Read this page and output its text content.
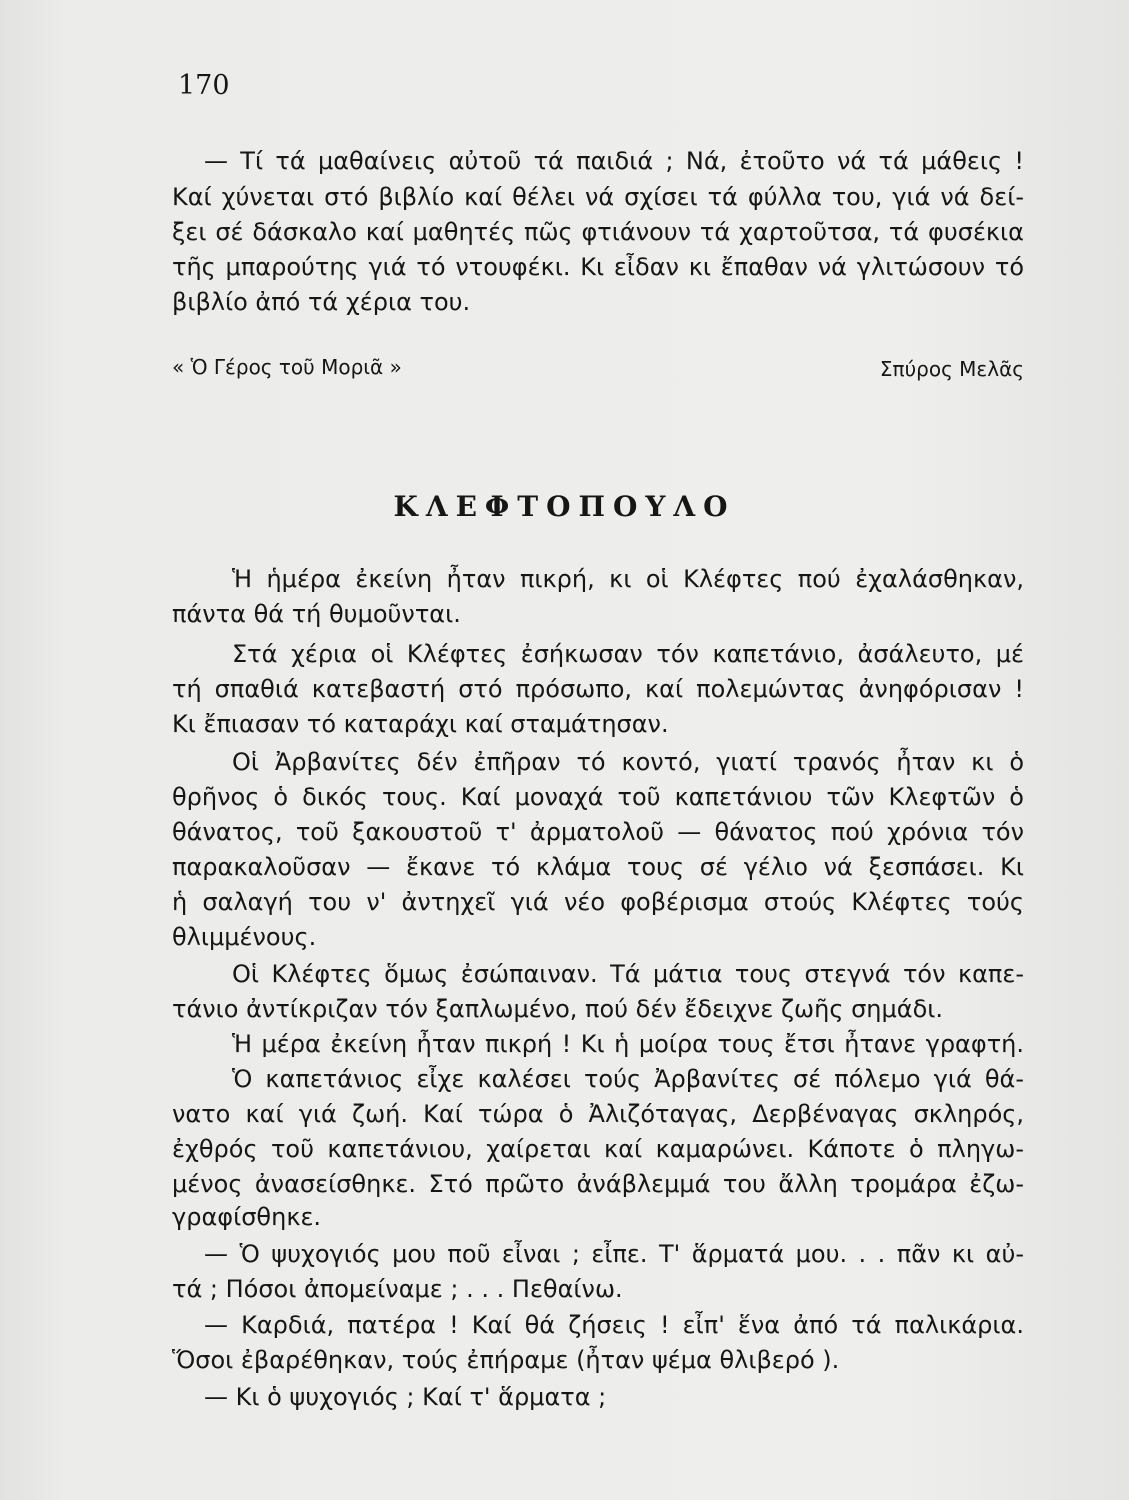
170
— Τί τά μαθαίνεις αὐτοῦ τά παιδιά ; Νά, ἐτοῦτο νά τά μάθεις !
Καί χύνεται στό βιβλίο καί θέλει νά σχίσει τά φύλλα του, γιά νά δεί-
ξει σέ δάσκαλο καί μαθητές πῶς φτιάνουν τά χαρτοῦτσα, τά φυσέκια
τῆς μπαρούτης γιά τό ντουφέκι. Κι εἶδαν κι ἔπαθαν νά γλιτώσουν τό
βιβλίο ἀπό τά χέρια του.
« Ὁ Γέρος τοῦ Μοριᾶ »	Σπύρος Μελᾶς
ΚΛΕΦΤΟΠΟΥΛΟ
Ἡ ἡμέρα ἐκείνη ἦταν πικρή, κι οἱ Κλέφτες πού ἐχαλάσθηκαν,
πάντα θά τή θυμοῦνται.
Στά χέρια οἱ Κλέφτες ἐσήκωσαν τόν καπετάνιο, ἀσάλευτο, μέ
τή σπαθιά κατεβαστή στό πρόσωπο, καί πολεμώντας ἀνηφόρισαν !
Κι ἔπιασαν τό καταράχι καί σταμάτησαν.
Οἱ Ἀρβανίτες δέν ἐπῆραν τό κοντό, γιατί τρανός ἦταν κι ὁ
θρῆνος ὁ δικός τους. Καί μοναχά τοῦ καπετάνιου τῶν Κλεφτῶν ὁ
θάνατος, τοῦ ξακουστοῦ τ' ἀρματολοῦ — θάνατος πού χρόνια τόν
παρακαλοῦσαν — ἔκανε τό κλάμα τους σέ γέλιο νά ξεσπάσει. Κι
ἡ σαλαγή του ν' ἀντηχεῖ γιά νέο φοβέρισμα στούς Κλέφτες τούς
θλιμμένους.
Οἱ Κλέφτες ὅμως ἐσώπαιναν. Τά μάτια τους στεγνά τόν καπε-
τάνιο ἀντίκριζαν τόν ξαπλωμένο, πού δέν ἔδειχνε ζωῆς σημάδι.
Ἡ μέρα ἐκείνη ἦταν πικρή ! Κι ἡ μοίρα τους ἔτσι ἦτανε γραφτή.
Ὁ καπετάνιος εἶχε καλέσει τούς Ἀρβανίτες σέ πόλεμο γιά θά-
νατο καί γιά ζωή. Καί τώρα ὁ Ἀλιζόταγας, Δερβέναγας σκληρός,
ἐχθρός τοῦ καπετάνιου, χαίρεται καί καμαρώνει. Κάποτε ὁ πληγω-
μένος ἀνασείσθηκε. Στό πρῶτο ἀνάβλεμμά του ἄλλη τρομάρα ἐζω-
γραφίσθηκε.
— Ὁ ψυχογιός μου ποῦ εἶναι ; εἶπε. Τ' ἅρματά μου. . . πᾶν κι αὐ-
τά ; Πόσοι ἀπομείναμε ; . . . Πεθαίνω.
— Καρδιά, πατέρα ! Καί θά ζήσεις ! εἶπ' ἕνα ἀπό τά παλικάρια.
Ὅσοι ἐβαρέθηκαν, τούς ἐπήραμε (ἦταν ψέμα θλιβερό ).
— Κι ὁ ψυχογιός ; Καί τ' ἅρματα ;
